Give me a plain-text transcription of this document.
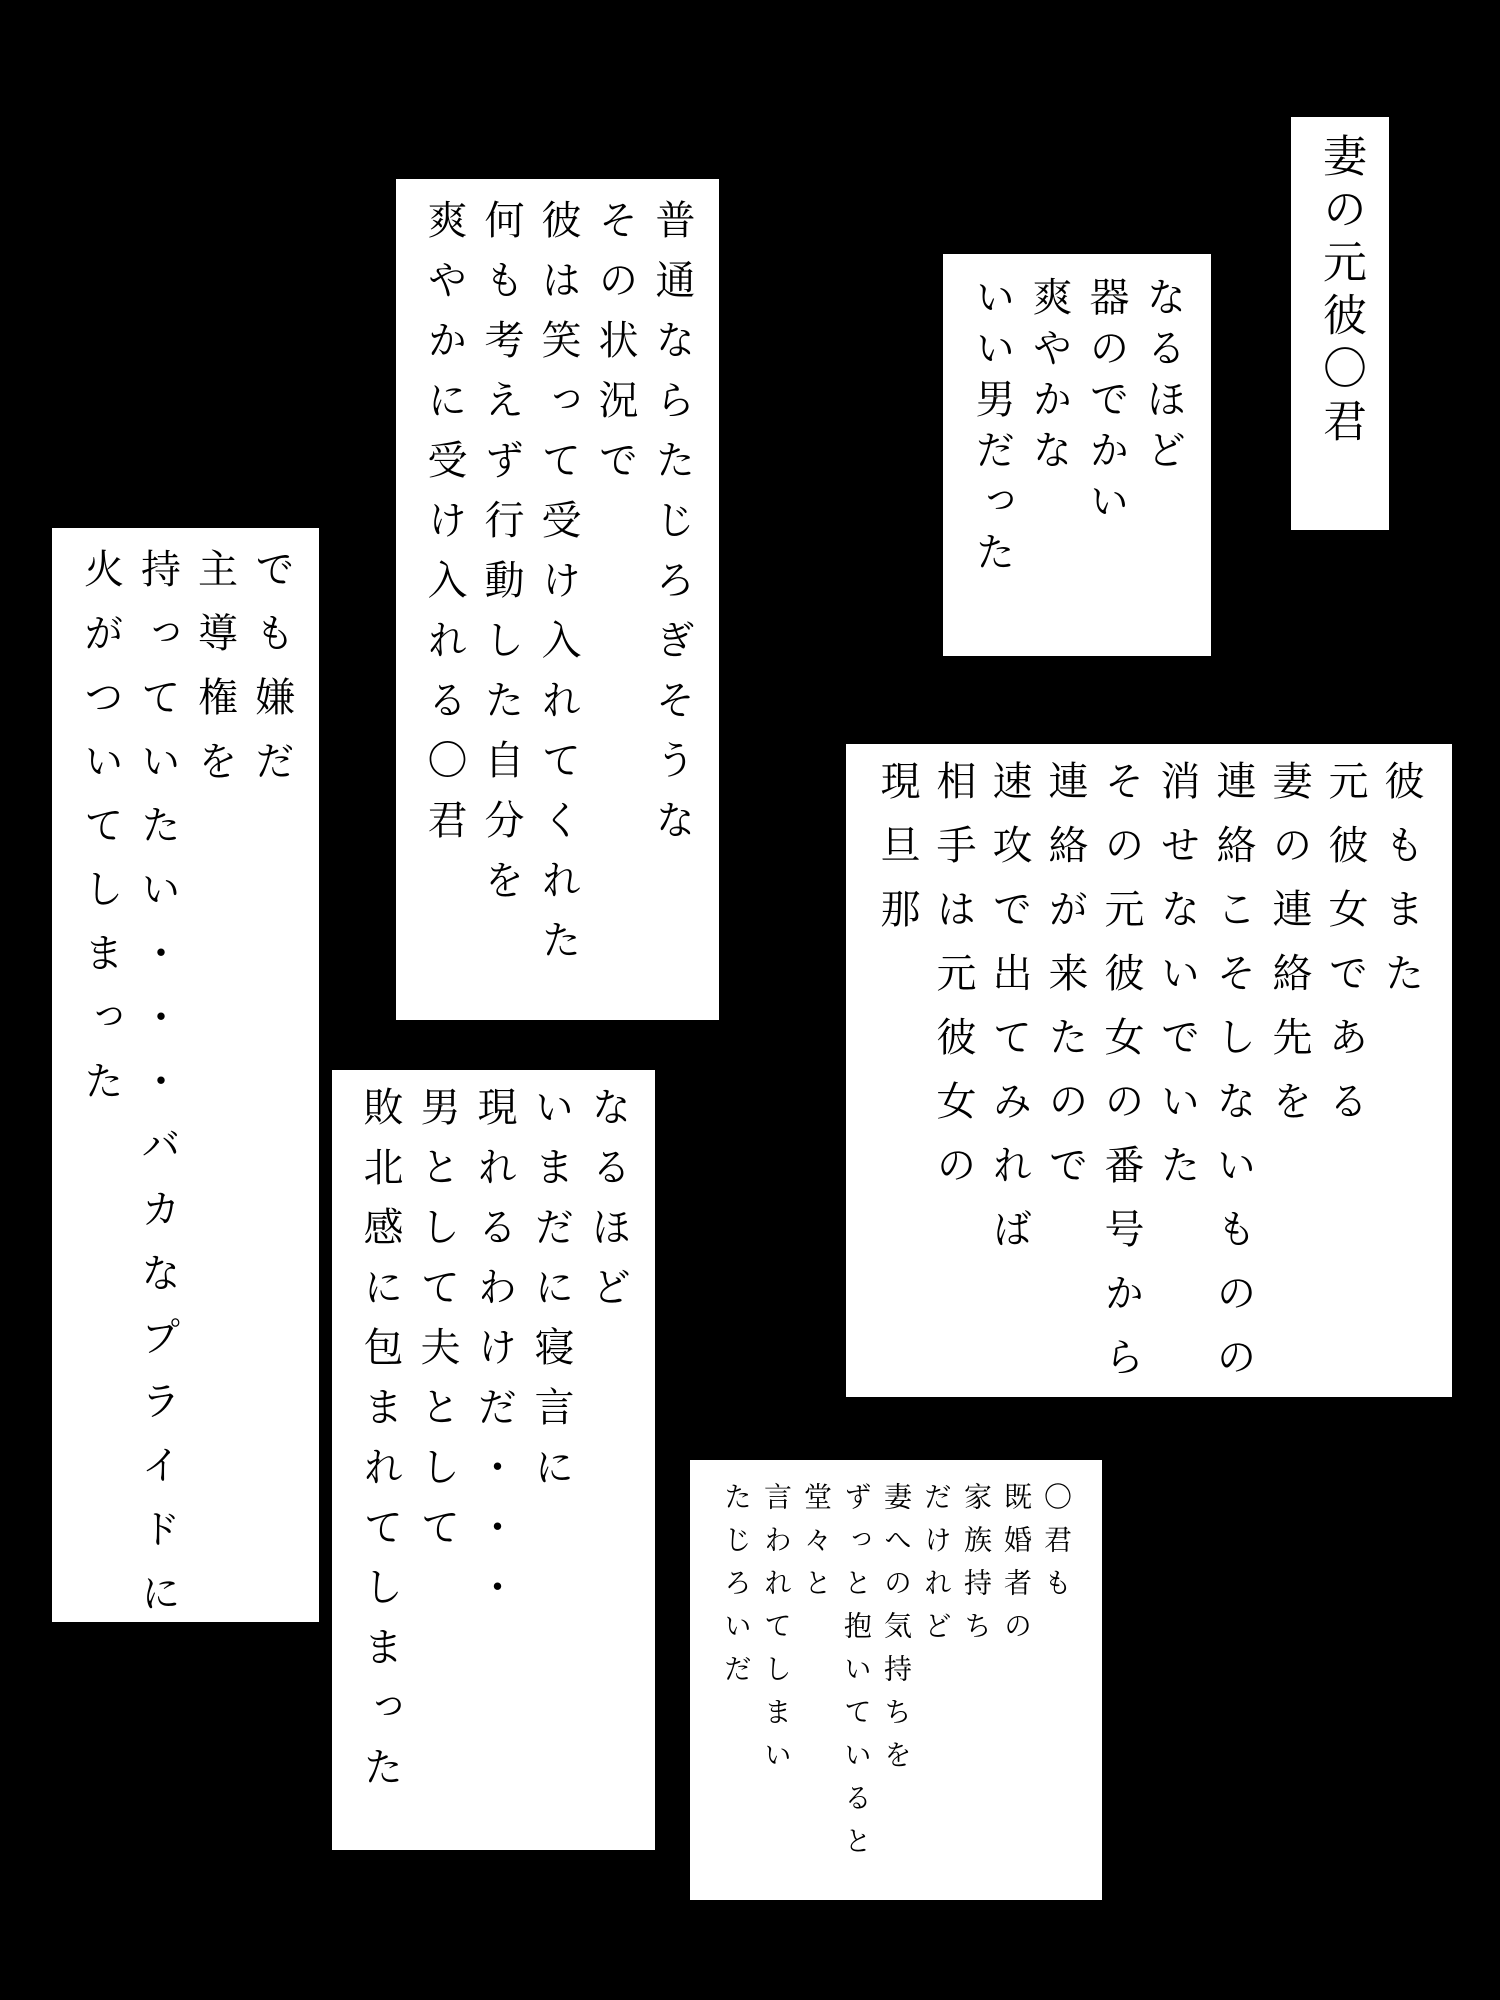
妻の元彼〇君
なるほど
器のでかい
爽やかな
いい男だった
普通ならたじろぎそうな
その状況で
彼は笑って受け入れてくれた
何も考えず行動した自分を
爽やかに受け入れる〇君
でも嫌だ
主導権を
持っていたい・・・バカなプライドに
火がついてしまった	彼もまた
元彼女である
妻の連絡先を
連絡こそしないものの
消せないでいた
その元彼女の番号から
連絡が来たので
速攻で出てみれば
相手は元彼女の
現旦那
なるほど
いまだに寝言に
現れるわけだ・・・
男として夫として
敗北感に包まれてしまった	〇君も
既婚者の
家族持ち
だけれど
妻への気持ちを
ずっと抱いていると
堂々と
言われてしまい
たじろいだ
